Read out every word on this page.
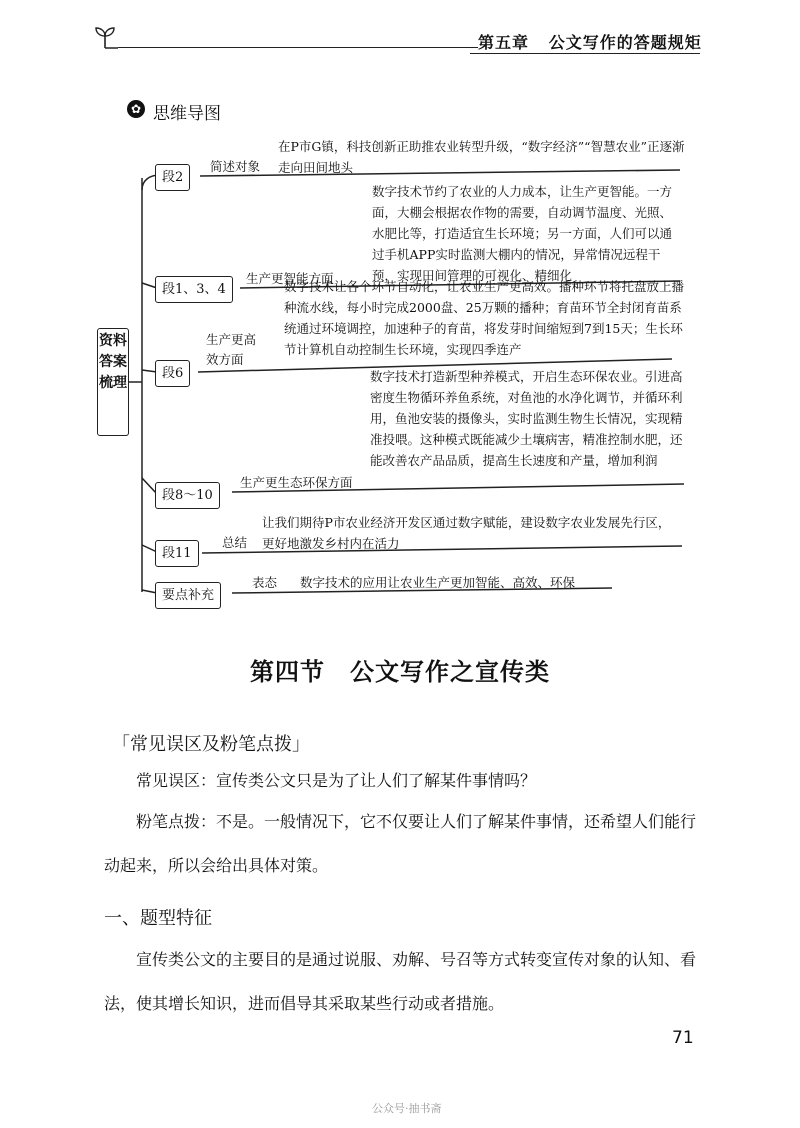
第五章 公文写作的答题规矩
✿ 思维导图
资料答案梳理
段2
简述对象
在P市G镇，科技创新正助推农业转型升级，“数字经济”“智慧农业”正逐渐走向田间地头
段1、3、4
生产更智能方面
数字技术节约了农业的人力成本，让生产更智能。一方面，大棚会根据农作物的需要，自动调节温度、光照、水肥比等，打造适宜生长环境；另一方面，人们可以通过手机APP实时监测大棚内的情况，异常情况远程干预，实现田间管理的可视化、精细化
段6
生产更高效方面
数字技术让各个环节自动化，让农业生产更高效。播种环节将托盘放上播种流水线，每小时完成2000盘、25万颗的播种；育苗环节全封闭育苗系统通过环境调控，加速种子的育苗，将发芽时间缩短到7到15天；生长环节计算机自动控制生长环境，实现四季连产
段8～10
生产更生态环保方面
数字技术打造新型种养模式，开启生态环保农业。引进高密度生物循环养鱼系统，对鱼池的水净化调节，并循环利用，鱼池安装的摄像头，实时监测生物生长情况，实现精准投喂。这种模式既能减少土壤病害，精准控制水肥，还能改善农产品品质，提高生长速度和产量，增加利润
段11
总结
让我们期待P市农业经济开发区通过数字赋能，建设数字农业发展先行区，更好地激发乡村内在活力
要点补充
表态 数字技术的应用让农业生产更加智能、高效、环保
第四节　公文写作之宣传类
「常见误区及粉笔点拨」
常见误区：宣传类公文只是为了让人们了解某件事情吗？
粉笔点拨：不是。一般情况下，它不仅要让人们了解某件事情，还希望人们能行动起来，所以会给出具体对策。
一、题型特征
宣传类公文的主要目的是通过说服、劝解、号召等方式转变宣传对象的认知、看法，使其增长知识，进而倡导其采取某些行动或者措施。
71
公众号·抽书斋
